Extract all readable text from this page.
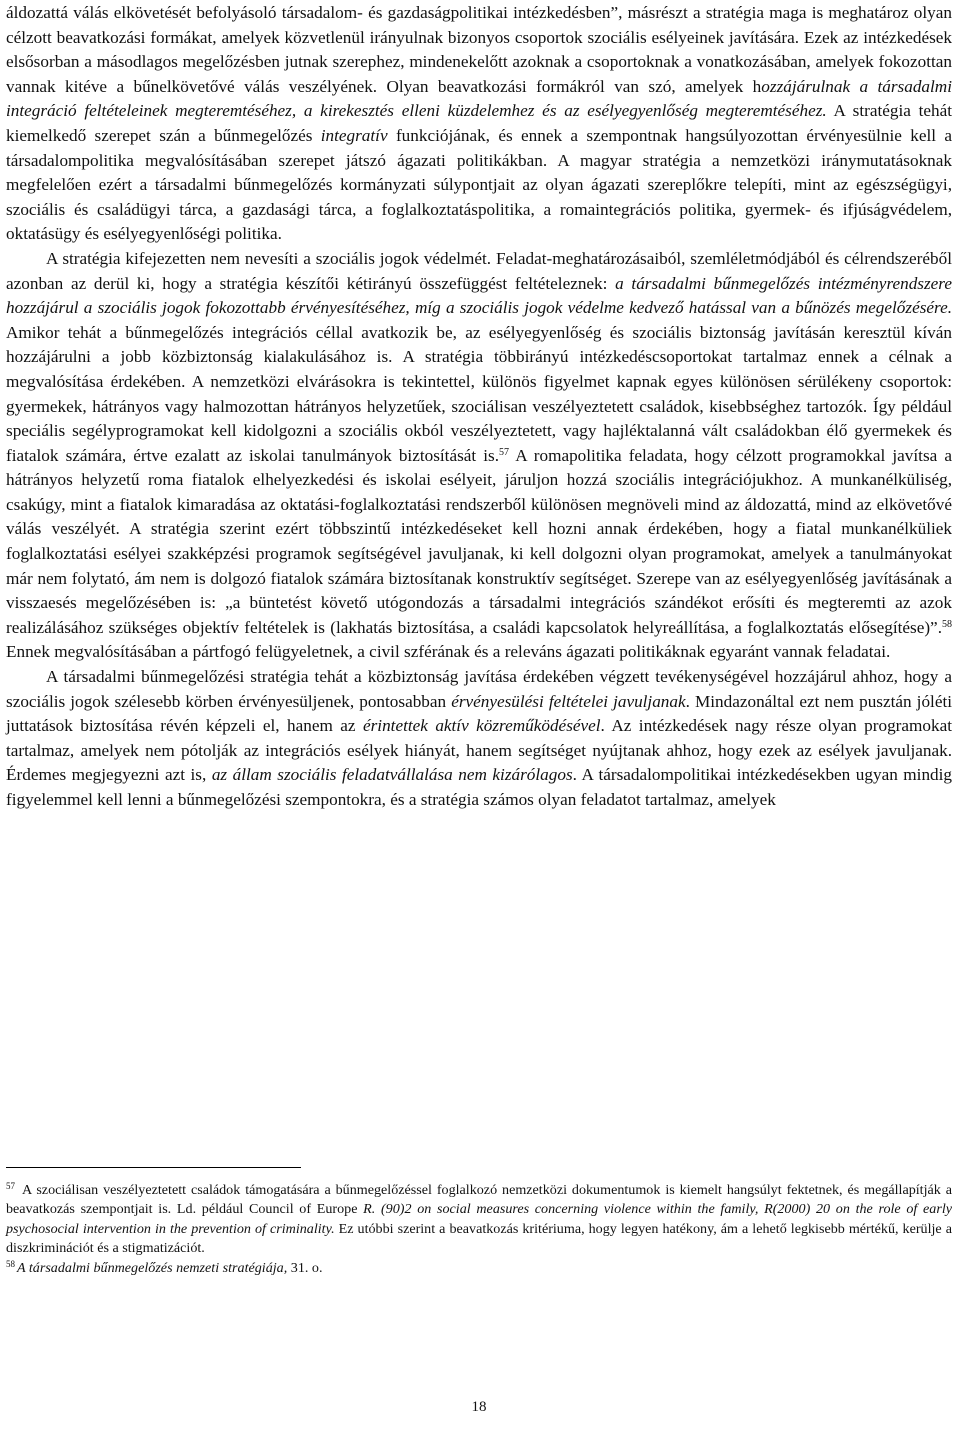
áldozattá válás elkövetését befolyásoló társadalom- és gazdaságpolitikai intézkedésben”, másrészt a stratégia maga is meghatároz olyan célzott beavatkozási formákat, amelyek közvetlenül irányulnak bizonyos csoportok szociális esélyeinek javítására. Ezek az intézkedések elsősorban a másodlagos megelőzésben jutnak szerephez, mindenekelőtt azoknak a csoportoknak a vonatkozásában, amelyek fokozottan vannak kitéve a bűnelkövetővé válás veszélyének. Olyan beavatkozási formákról van szó, amelyek hozzájárulnak a társadalmi integráció feltételeinek megteremtéséhez, a kirekesztés elleni küzdelemhez és az esélyegyenlőség megteremtéséhez. A stratégia tehát kiemelkedő szerepet szán a bűnmegelőzés integratív funkciójának, és ennek a szempontnak hangsúlyozottan érvényesülnie kell a társadalompolitika megvalósításában szerepet játszó ágazati politikákban. A magyar stratégia a nemzetközi iránymutatásoknak megfelelően ezért a társadalmi bűnmegelőzés kormányzati súlypontjait az olyan ágazati szereplőkre telepíti, mint az egészségügyi, szociális és családügyi tárca, a gazdasági tárca, a foglalkoztatáspolitika, a romaintegrációs politika, gyermek- és ifjúságvédelem, oktatásügy és esélyegyenlőségi politika.

A stratégia kifejezetten nem nevesíti a szociális jogok védelmét. Feladat-meghatározásaiból, szemléletmódjából és célrendszeréből azonban az derül ki, hogy a stratégia készítői kétirányú összefüggést feltételeznek: a társadalmi bűnmegelőzés intézményrendszere hozzájárul a szociális jogok fokozottabb érvényesítéséhez, míg a szociális jogok védelme kedvező hatással van a bűnözés megelőzésére. Amikor tehát a bűnmegelőzés integrációs céllal avatkozik be, az esélyegyenlőség és szociális biztonság javításán keresztül kíván hozzájárulni a jobb közbiztonság kialakulásához is. A stratégia többirányú intézkedéscsoportokat tartalmaz ennek a célnak a megvalósítása érdekében. A nemzetközi elvárásokra is tekintettel, különös figyelmet kapnak egyes különösen sérülékeny csoportok: gyermekek, hátrányos vagy halmozottan hátrányos helyzetűek, szociálisan veszélyeztetett családok, kisebbséghez tartozók. Így például speciális segélyprogramokat kell kidolgozni a szociális okból veszélyeztetett, vagy hajléktalanná vált családokban élő gyermekek és fiatalok számára, értve ezalatt az iskolai tanulmányok biztosítását is.$^{57}$ A romapolitika feladata, hogy célzott programokkal javítsa a hátrányos helyzetű roma fiatalok elhelyezkedési és iskolai esélyeit, járuljon hozzá szociális integrációjukhoz. A munkanélküliség, csakúgy, mint a fiatalok kimaradása az oktatási-foglalkoztatási rendszerből különösen megnöveli mind az áldozattá, mind az elkövetővé válás veszélyét. A stratégia szerint ezért többszintű intézkedéseket kell hozni annak érdekében, hogy a fiatal munkanélküliek foglalkoztatási esélyei szakképzési programok segítségével javuljanak, ki kell dolgozni olyan programokat, amelyek a tanulmányokat már nem folytató, ám nem is dolgozó fiatalok számára biztosítanak konstruktív segítséget. Szerepe van az esélyegyenlőség javításának a visszaesés megelőzésében is: „a büntetést követő utógondozás a társadalmi integrációs szándékot erősíti és megteremti az azok realizálásához szükséges objektív feltételek is (lakhatás biztosítása, a családi kapcsolatok helyreállítása, a foglalkoztatás elősegítése)”.$^{58}$ Ennek megvalósításában a pártfogó felügyeletnek, a civil szférának és a releváns ágazati politikáknak egyaránt vannak feladatai.

A társadalmi bűnmegelőzési stratégia tehát a közbiztonság javítása érdekében végzett tevékenységével hozzájárul ahhoz, hogy a szociális jogok szélesebb körben érvényesüljenek, pontosabban érvényesülési feltételei javuljanak. Mindazonáltal ezt nem pusztán jóléti juttatások biztosítása révén képzeli el, hanem az érintettek aktív közreműködésével. Az intézkedések nagy része olyan programokat tartalmaz, amelyek nem pótolják az integrációs esélyek hiányát, hanem segítséget nyújtanak ahhoz, hogy ezek az esélyek javuljanak. Érdemes megjegyezni azt is, az állam szociális feladatvállalása nem kizárólagos. A társadalompolitikai intézkedésekben ugyan mindig figyelemmel kell lenni a bűnmegelőzési szempontokra, és a stratégia számos olyan feladatot tartalmaz, amelyek

$^{57}$ A szociálisan veszélyeztetett családok támogatására a bűnmegelőzéssel foglalkozó nemzetközi dokumentumok is kiemelt hangsúlyt fektetnek, és megállapítják a beavatkozás szempontjait is. Ld. például Council of Europe R. (90)2 on social measures concerning violence within the family, R(2000) 20 on the role of early psychosocial intervention in the prevention of criminality. Ez utóbbi szerint a beavatkozás kritériuma, hogy legyen hatékony, ám a lehető legkisebb mértékű, kerülje a diszkriminációt és a stigmatizációt.

$^{58}$ A társadalmi bűnmegelőzés nemzeti stratégiája, 31. o.

18
